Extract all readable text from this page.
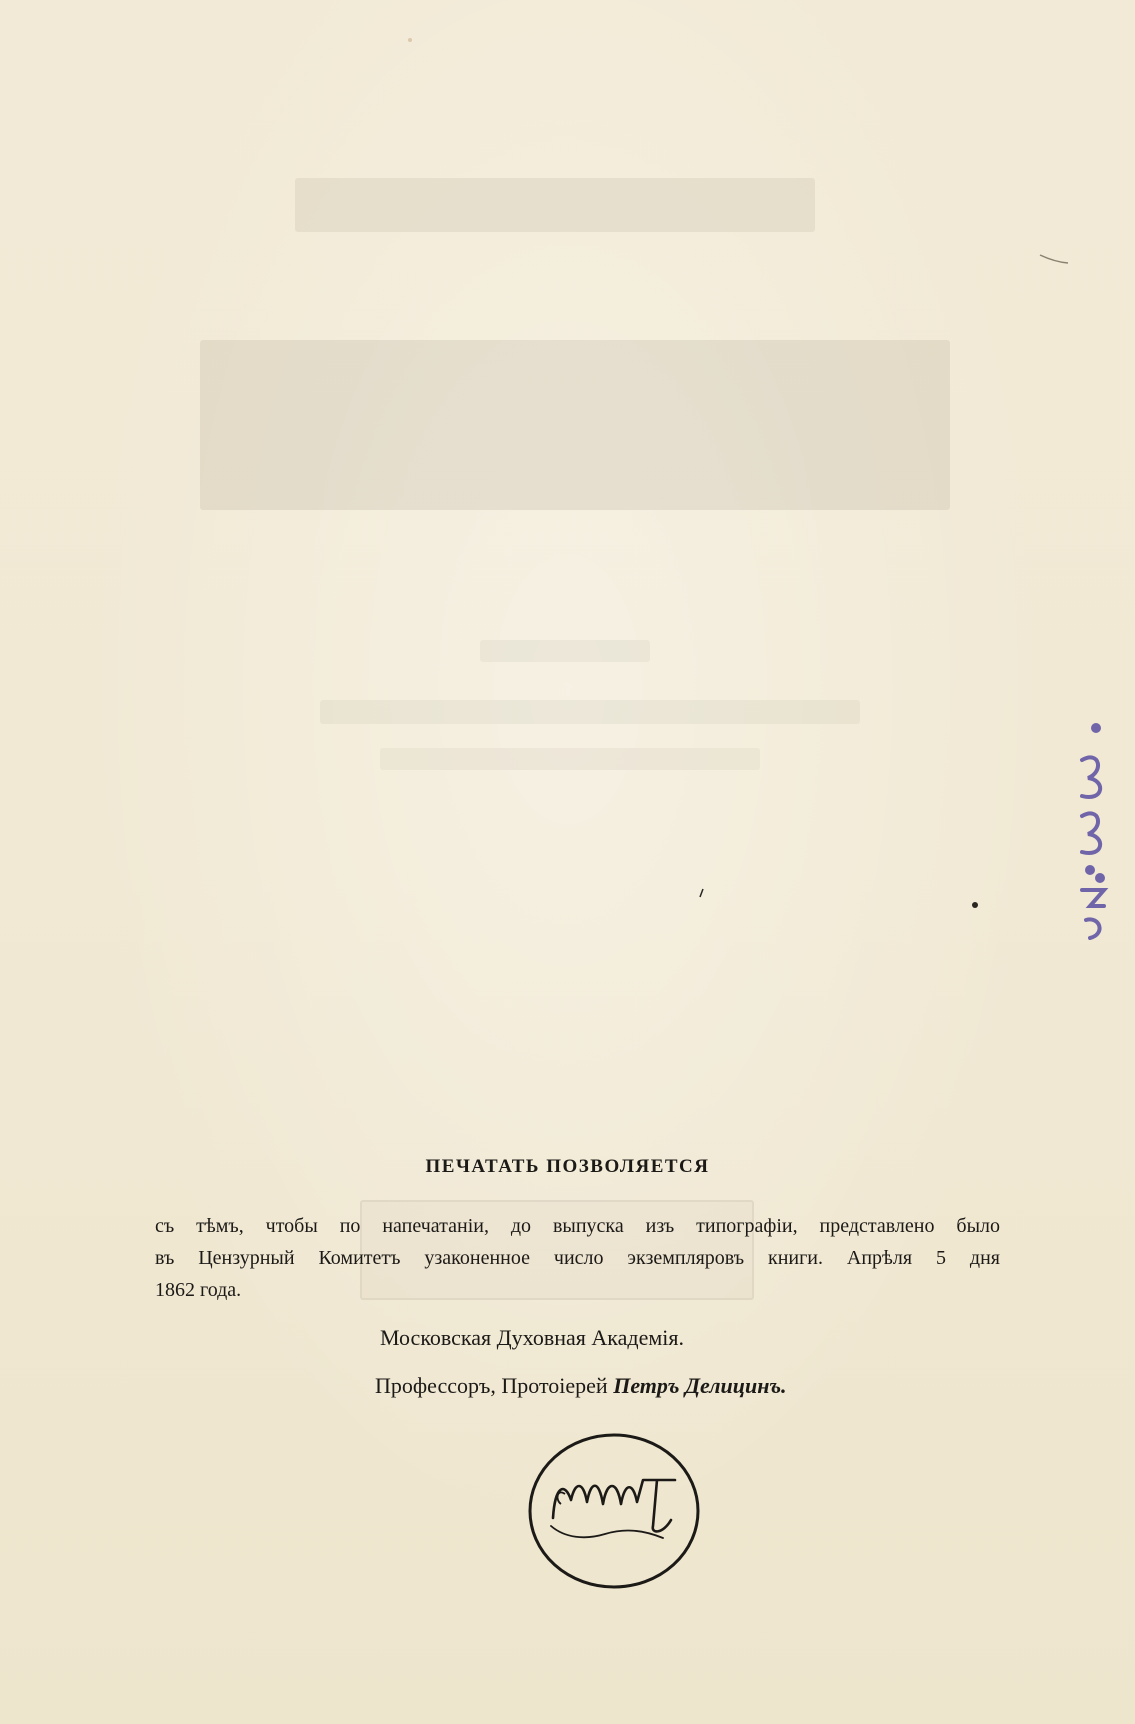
ПЕЧАТАТЬ ПОЗВОЛЯЕТСЯ
съ тѣмъ, чтобы по напечатаніи, до выпуска изъ типографіи, представлено было
въ Цензурный Комитетъ узаконенное число экземпляровъ книги. Апрѣля 5 дня
1862 года.
Московская Духовная Академія.
Профессоръ, Протоіерей Петръ Делицинъ.
